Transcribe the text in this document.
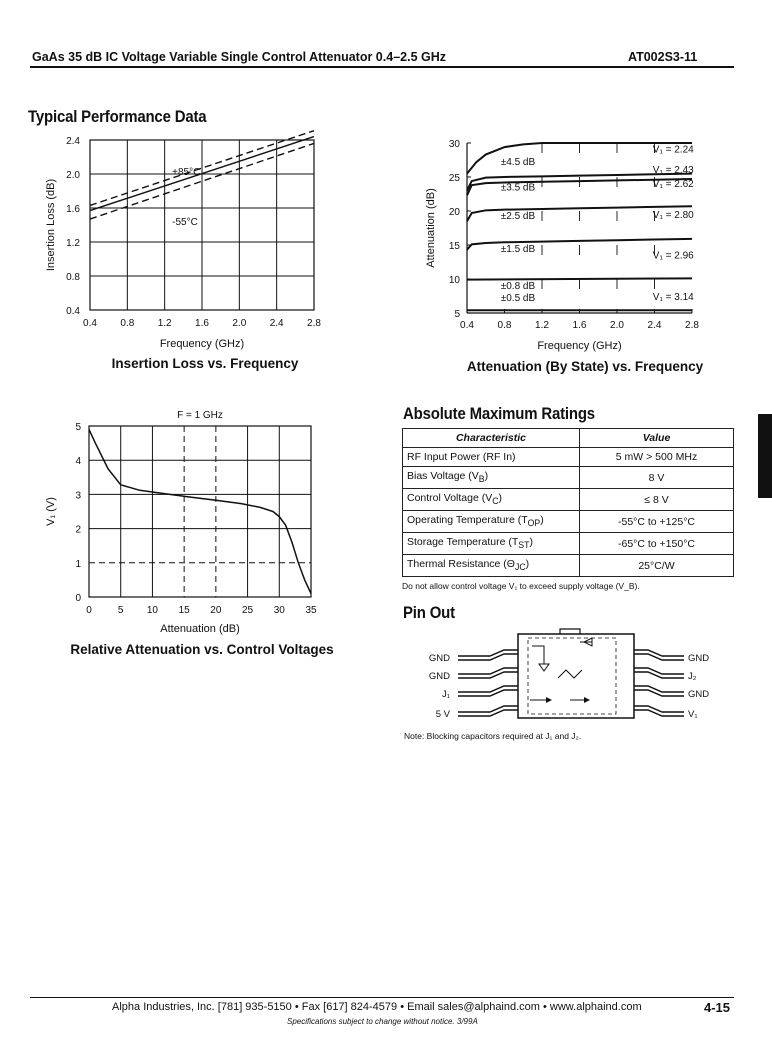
GaAs 35 dB IC Voltage Variable Single Control Attenuator 0.4–2.5 GHz	AT002S3-11
Typical Performance Data
0.4 0.8 1.2 1.6 2.0 2.4 2.8
0.4
0.8
1.2
1.6
2.0
2.4
+85°C
-55°C
Frequency (GHz)
Insertion Loss (dB)
Insertion Loss vs. Frequency
0.4 0.8 1.2 1.6 2.0 2.4 2.8
5
10
15
20
25
30
V₁ = 2.24
V₁ = 2.43
V₁ = 2.62
V₁ = 2.80
V₁ = 2.96
V₁ = 3.14
±4.5 dB
±3.5 dB
±2.5 dB
±1.5 dB
±0.8 dB
±0.5 dB
Frequency (GHz)
Attenuation (dB)
Attenuation (By State) vs. Frequency
0	5 10 15 20 25 30 35
0
1
2
3
4
5
F = 1 GHz
Attenuation (dB)
V₁ (V)
Relative Attenuation vs. Control Voltages
Absolute Maximum Ratings
Characteristic	Value
RF Input Power (RF In)	5 mW > 500 MHz
Bias Voltage $(V_B)$	8 V
Control Voltage $(V_C)$	≤ 8 V
Operating Temperature $(T_{OP})$	-55°C to +125°C
Storage Temperature $(T_{ST})$	-65°C to +150°C
Thermal Resistance $(\Theta_{JC})$	25°C/W
Do not allow control voltage V₁ to exceed supply voltage (V_B).
Pin Out
GND	GND
GND	J₂
J₁	GND
5 V	V₁
Note: Blocking capacitors required at J₁ and J₂.
Alpha Industries, Inc. [781] 935-5150 • Fax [617] 824-4579 • Email sales@alphaind.com • www.alphaind.com	4-15
Specifications subject to change without notice. 3/99A
